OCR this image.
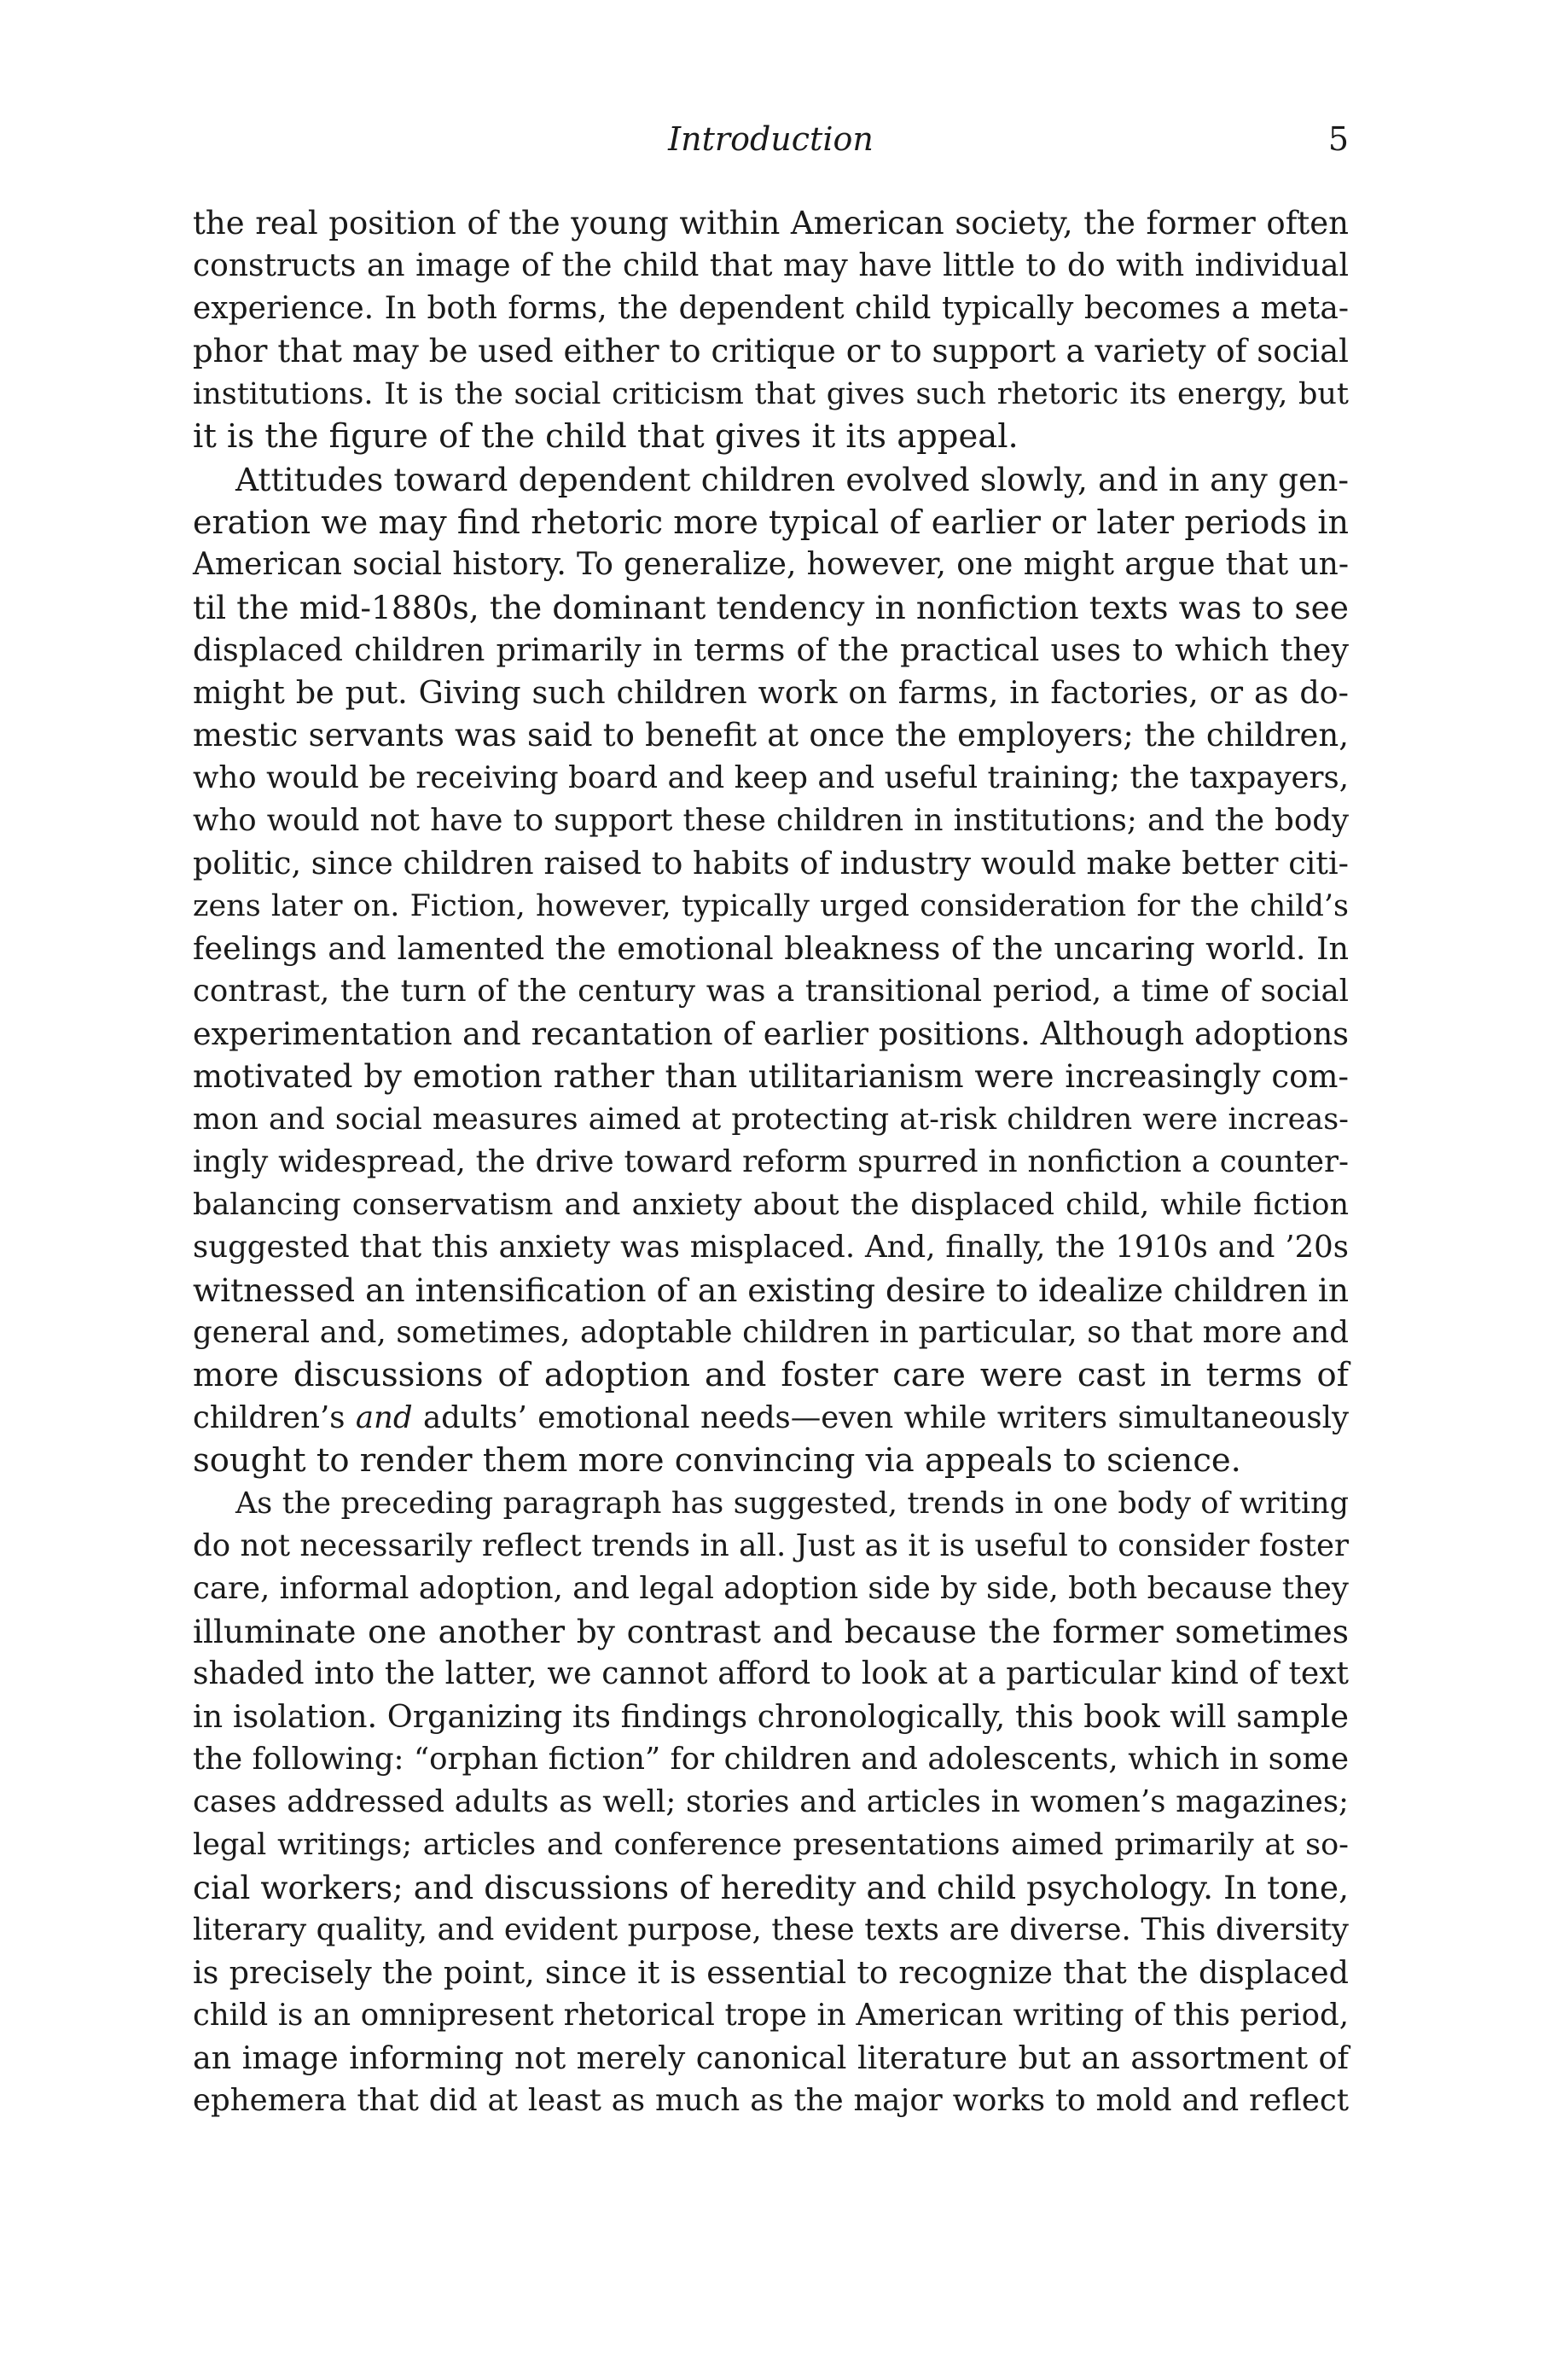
Introduction	5
the real position of the young within American society, the former often
constructs an image of the child that may have little to do with individual
experience. In both forms, the dependent child typically becomes a meta-
phor that may be used either to critique or to support a variety of social
institutions. It is the social criticism that gives such rhetoric its energy, but
it is the figure of the child that gives it its appeal.
Attitudes toward dependent children evolved slowly, and in any gen-
eration we may find rhetoric more typical of earlier or later periods in
American social history. To generalize, however, one might argue that un-
til the mid-1880s, the dominant tendency in nonfiction texts was to see
displaced children primarily in terms of the practical uses to which they
might be put. Giving such children work on farms, in factories, or as do-
mestic servants was said to benefit at once the employers; the children,
who would be receiving board and keep and useful training; the taxpayers,
who would not have to support these children in institutions; and the body
politic, since children raised to habits of industry would make better citi-
zens later on. Fiction, however, typically urged consideration for the child’s
feelings and lamented the emotional bleakness of the uncaring world. In
contrast, the turn of the century was a transitional period, a time of social
experimentation and recantation of earlier positions. Although adoptions
motivated by emotion rather than utilitarianism were increasingly com-
mon and social measures aimed at protecting at-risk children were increas-
ingly widespread, the drive toward reform spurred in nonfiction a counter-
balancing conservatism and anxiety about the displaced child, while fiction
suggested that this anxiety was misplaced. And, finally, the 1910s and ’20s
witnessed an intensification of an existing desire to idealize children in
general and, sometimes, adoptable children in particular, so that more and
more discussions of adoption and foster care were cast in terms of
children’s and adults’ emotional needs—even while writers simultaneously
sought to render them more convincing via appeals to science.
As the preceding paragraph has suggested, trends in one body of writing
do not necessarily reflect trends in all. Just as it is useful to consider foster
care, informal adoption, and legal adoption side by side, both because they
illuminate one another by contrast and because the former sometimes
shaded into the latter, we cannot afford to look at a particular kind of text
in isolation. Organizing its findings chronologically, this book will sample
the following: “orphan fiction” for children and adolescents, which in some
cases addressed adults as well; stories and articles in women’s magazines;
legal writings; articles and conference presentations aimed primarily at so-
cial workers; and discussions of heredity and child psychology. In tone,
literary quality, and evident purpose, these texts are diverse. This diversity
is precisely the point, since it is essential to recognize that the displaced
child is an omnipresent rhetorical trope in American writing of this period,
an image informing not merely canonical literature but an assortment of
ephemera that did at least as much as the major works to mold and reflect
